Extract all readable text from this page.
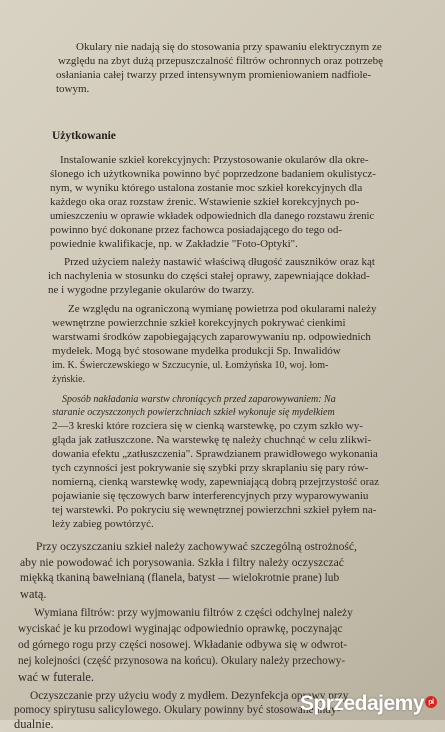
Okulary nie nadają się do stosowania przy spawaniu elektrycznym ze
względu na zbyt dużą przepuszczalność filtrów ochronnych oraz potrzebę
osłaniania całej twarzy przed intensywnym promieniowaniem nadfiole-
towym.
Użytkowanie
Instalowanie szkieł korekcyjnych: Przystosowanie okularów dla okre-
ślonego ich użytkownika powinno być poprzedzone badaniem okulistycz-
nym, w wyniku którego ustalona zostanie moc szkieł korekcyjnych dla
każdego oka oraz rozstaw źrenic. Wstawienie szkieł korekcyjnych po-
umieszczeniu w oprawie wkładek odpowiednich dla danego rozstawu źrenic
powinno być dokonane przez fachowca posiadającego do tego od-
powiednie kwalifikacje, np. w Zakładzie "Foto-Optyki".
Przed użyciem należy nastawić właściwą długość zauszników oraz kąt
ich nachylenia w stosunku do części stałej oprawy, zapewniające dokład-
ne i wygodne przyleganie okularów do twarzy.
Ze względu na ograniczoną wymianę powietrza pod okularami należy
wewnętrzne powierzchnie szkieł korekcyjnych pokrywać cienkimi
warstwami środków zapobiegających zaparowywaniu np. odpowiednich
mydełek. Mogą być stosowane mydełka produkcji Sp. Inwalidów
im. K. Świerczewskiego w Szczucynie, ul. Łomżyńska 10, woj. łom-
żyńskie.
Sposób nakładania warstw chroniących przed zaparowywaniem: Na
staranie oczyszczonych powierzchniach szkieł wykonuje się mydełkiem
2—3 kreski które rozciera się w cienką warstewkę, po czym szkło wy-
gląda jak zatłuszczone. Na warstewkę tę należy chuchnąć w celu zlikwi-
dowania efektu „zatłuszczenia". Sprawdzianem prawidłowego wykonania
tych czynności jest pokrywanie się szybki przy skraplaniu się pary rów-
nomierną, cienką warstewkę wody, zapewniającą dobrą przejrzystość oraz
pojawianie się tęczowych barw interferencyjnych przy wyparowywaniu
tej warstewki. Po pokryciu się wewnętrznej powierzchni szkieł pyłem na-
leży zabieg powtórzyć.
Przy oczyszczaniu szkieł należy zachowywać szczególną ostrożność,
aby nie powodować ich porysowania. Szkła i filtry należy oczyszczać
miękką tkaniną bawełnianą (flanela, batyst — wielokrotnie prane) lub
watą.
Wymiana filtrów: przy wyjmowaniu filtrów z części odchylnej należy
wyciskać je ku przodowi wyginając odpowiednio oprawkę, poczynając
od górnego rogu przy części nosowej. Wkładanie odbywa się w odwrot-
nej kolejności (część przynosowa na końcu). Okulary należy przechowy-
wać w futerale.
Oczyszczanie przy użyciu wody z mydłem. Dezynfekcja oprawy przy
pomocy spirytusu salicylowego. Okulary powinny być stosowane indy-
dualnie.
Sprzedajemypl
